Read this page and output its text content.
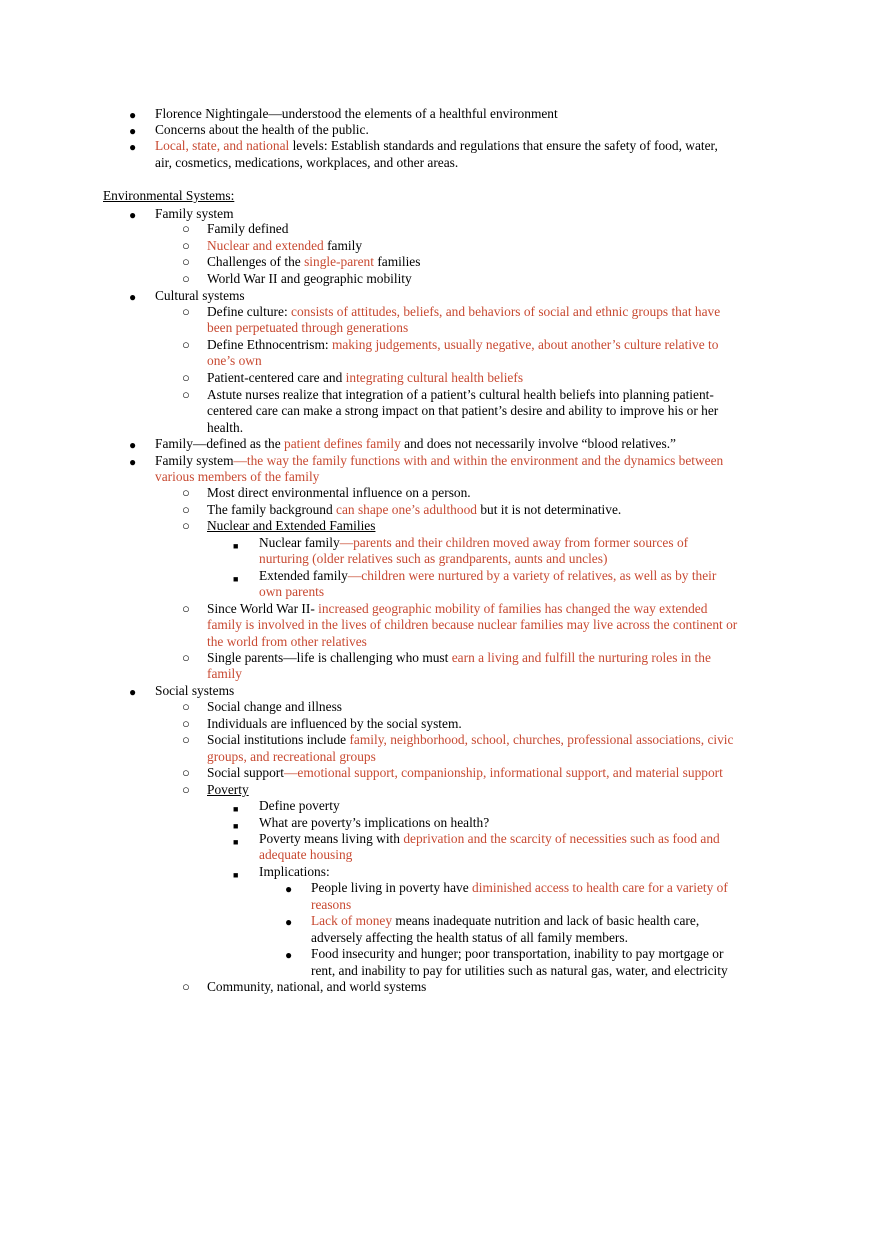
● Florence Nightingale—understood the elements of a healthful environment
● Concerns about the health of the public.
● Local, state, and national levels: Establish standards and regulations that ensure the safety of food, water,
air, cosmetics, medications, workplaces, and other areas.
Environmental Systems:
● Family system
○ Family defined
○ Nuclear and extended family
○ Challenges of the single-parent families
○ World War II and geographic mobility
● Cultural systems
○ Define culture: consists of attitudes, beliefs, and behaviors of social and ethnic groups that have
been perpetuated through generations
○ Define Ethnocentrism: making judgements, usually negative, about another’s culture relative to
one’s own
○ Patient-centered care and integrating cultural health beliefs
○ Astute nurses realize that integration of a patient’s cultural health beliefs into planning patient-
centered care can make a strong impact on that patient’s desire and ability to improve his or her
health.
● Family—defined as the patient defines family and does not necessarily involve “blood relatives.”
● Family system—the way the family functions with and within the environment and the dynamics between
various members of the family
○ Most direct environmental influence on a person.
○ The family background can shape one’s adulthood but it is not determinative.
○ Nuclear and Extended Families
■ Nuclear family—parents and their children moved away from former sources of
nurturing (older relatives such as grandparents, aunts and uncles)
■ Extended family—children were nurtured by a variety of relatives, as well as by their
own parents
○ Since World War II- increased geographic mobility of families has changed the way extended
family is involved in the lives of children because nuclear families may live across the continent or
the world from other relatives
○ Single parents—life is challenging who must earn a living and fulfill the nurturing roles in the
family
● Social systems
○ Social change and illness
○ Individuals are influenced by the social system.
○ Social institutions include family, neighborhood, school, churches, professional associations, civic
groups, and recreational groups
○ Social support—emotional support, companionship, informational support, and material support
○ Poverty
■ Define poverty
■ What are poverty’s implications on health?
■ Poverty means living with deprivation and the scarcity of necessities such as food and
adequate housing
■ Implications:
● People living in poverty have diminished access to health care for a variety of
reasons
● Lack of money means inadequate nutrition and lack of basic health care,
adversely affecting the health status of all family members.
● Food insecurity and hunger; poor transportation, inability to pay mortgage or
rent, and inability to pay for utilities such as natural gas, water, and electricity
○ Community, national, and world systems
